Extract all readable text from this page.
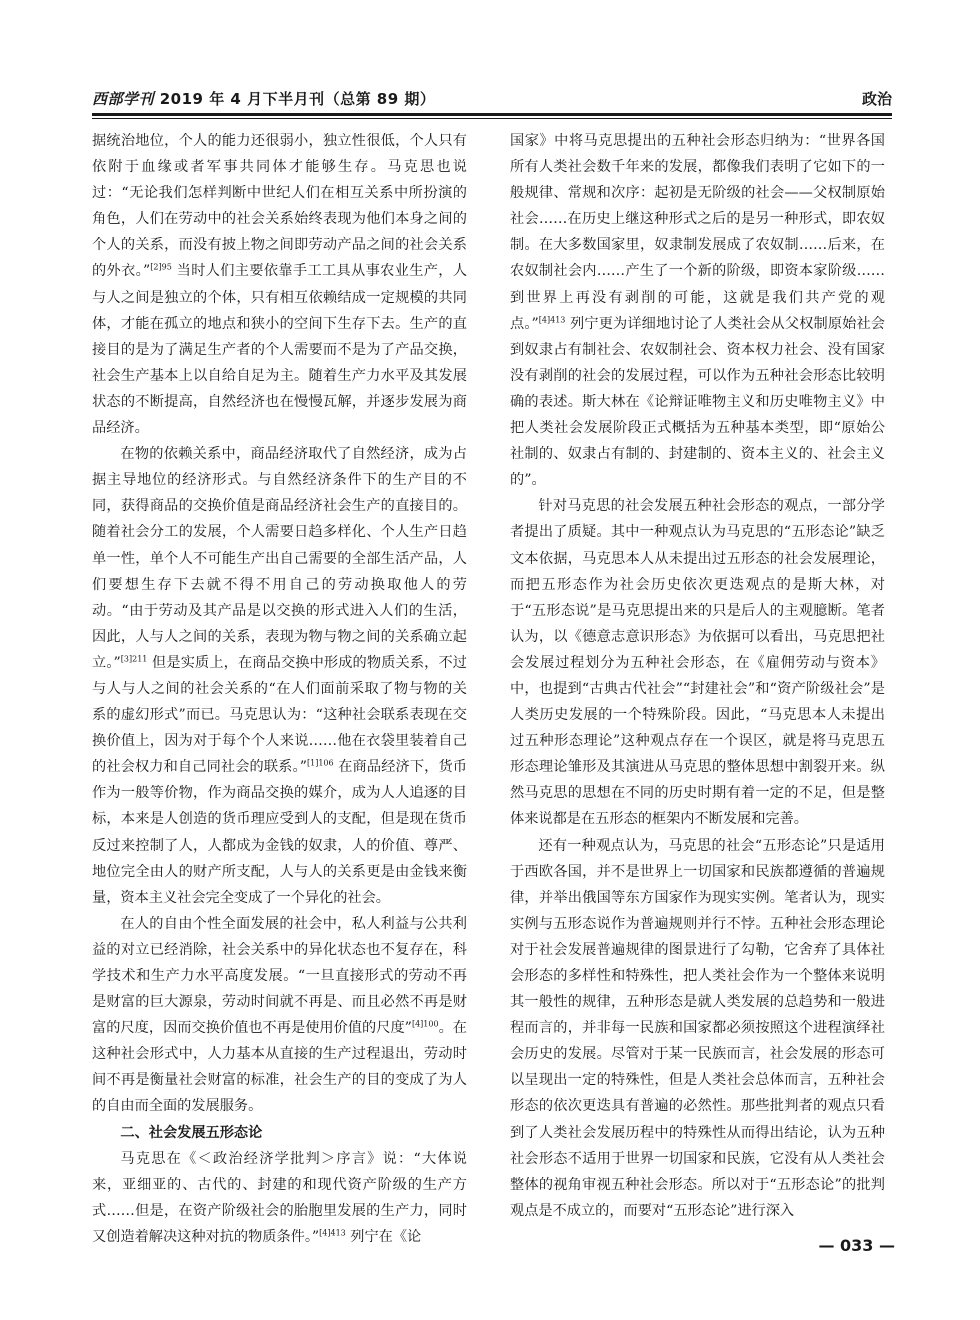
西部学刊 2019 年 4 月下半月刊（总第 89 期）	政治

据统治地位，个人的能力还很弱小，独立性很低，个人只有依附于血缘或者军事共同体才能够生存。马克思也说过：“无论我们怎样判断中世纪人们在相互关系中所扮演的角色，人们在劳动中的社会关系始终表现为他们本身之间的个人的关系，而没有披上物之间即劳动产品之间的社会关系的外衣。”$^{[2]95}$ 当时人们主要依靠手工工具从事农业生产，人与人之间是独立的个体，只有相互依赖结成一定规模的共同体，才能在孤立的地点和狭小的空间下生存下去。生产的直接目的是为了满足生产者的个人需要而不是为了产品交换，社会生产基本上以自给自足为主。随着生产力水平及其发展状态的不断提高，自然经济也在慢慢瓦解，并逐步发展为商品经济。

在物的依赖关系中，商品经济取代了自然经济，成为占据主导地位的经济形式。与自然经济条件下的生产目的不同，获得商品的交换价值是商品经济社会生产的直接目的。随着社会分工的发展，个人需要日趋多样化、个人生产日趋单一性，单个人不可能生产出自己需要的全部生活产品，人们要想生存下去就不得不用自己的劳动换取他人的劳动。“由于劳动及其产品是以交换的形式进入人们的生活，因此，人与人之间的关系，表现为物与物之间的关系确立起立。”$^{[3]211}$ 但是实质上，在商品交换中形成的物质关系，不过与人与人之间的社会关系的“在人们面前采取了物与物的关系的虚幻形式”而已。马克思认为：“这种社会联系表现在交换价值上，因为对于每个个人来说……他在衣袋里装着自己的社会权力和自己同社会的联系。”$^{[1]106}$ 在商品经济下，货币作为一般等价物，作为商品交换的媒介，成为人人追逐的目标，本来是人创造的货币理应受到人的支配，但是现在货币反过来控制了人，人都成为金钱的奴隶，人的价值、尊严、地位完全由人的财产所支配，人与人的关系更是由金钱来衡量，资本主义社会完全变成了一个异化的社会。

在人的自由个性全面发展的社会中，私人利益与公共利益的对立已经消除，社会关系中的异化状态也不复存在，科学技术和生产力水平高度发展。“一旦直接形式的劳动不再是财富的巨大源泉，劳动时间就不再是、而且必然不再是财富的尺度，因而交换价值也不再是使用价值的尺度”$^{[4]100}$。在这种社会形式中，人力基本从直接的生产过程退出，劳动时间不再是衡量社会财富的标准，社会生产的目的变成了为人的自由而全面的发展服务。

二、社会发展五形态论

马克思在《＜政治经济学批判＞序言》说：“大体说来，亚细亚的、古代的、封建的和现代资产阶级的生产方式……但是，在资产阶级社会的胎胞里发展的生产力，同时又创造着解决这种对抗的物质条件。”$^{[4]413}$ 列宁在《论

国家》中将马克思提出的五种社会形态归纳为：“世界各国所有人类社会数千年来的发展，都像我们表明了它如下的一般规律、常规和次序：起初是无阶级的社会——父权制原始社会……在历史上继这种形式之后的是另一种形式，即农奴制。在大多数国家里，奴隶制发展成了农奴制……后来，在农奴制社会内……产生了一个新的阶级，即资本家阶级……到世界上再没有剥削的可能，这就是我们共产党的观点。”$^{[4]413}$ 列宁更为详细地讨论了人类社会从父权制原始社会到奴隶占有制社会、农奴制社会、资本权力社会、没有国家没有剥削的社会的发展过程，可以作为五种社会形态比较明确的表述。斯大林在《论辩证唯物主义和历史唯物主义》中把人类社会发展阶段正式概括为五种基本类型，即“原始公社制的、奴隶占有制的、封建制的、资本主义的、社会主义的”。

针对马克思的社会发展五种社会形态的观点，一部分学者提出了质疑。其中一种观点认为马克思的“五形态论”缺乏文本依据，马克思本人从未提出过五形态的社会发展理论，而把五形态作为社会历史依次更迭观点的是斯大林，对于“五形态说”是马克思提出来的只是后人的主观臆断。笔者认为，以《德意志意识形态》为依据可以看出，马克思把社会发展过程划分为五种社会形态，在《雇佣劳动与资本》中，也提到“古典古代社会”“封建社会”和“资产阶级社会”是人类历史发展的一个特殊阶段。因此，“马克思本人未提出过五种形态理论”这种观点存在一个误区，就是将马克思五形态理论雏形及其演进从马克思的整体思想中割裂开来。纵然马克思的思想在不同的历史时期有着一定的不足，但是整体来说都是在五形态的框架内不断发展和完善。

还有一种观点认为，马克思的社会“五形态论”只是适用于西欧各国，并不是世界上一切国家和民族都遵循的普遍规律，并举出俄国等东方国家作为现实实例。笔者认为，现实实例与五形态说作为普遍规则并行不悖。五种社会形态理论对于社会发展普遍规律的图景进行了勾勒，它舍弃了具体社会形态的多样性和特殊性，把人类社会作为一个整体来说明其一般性的规律，五种形态是就人类发展的总趋势和一般进程而言的，并非每一民族和国家都必须按照这个进程演绎社会历史的发展。尽管对于某一民族而言，社会发展的形态可以呈现出一定的特殊性，但是人类社会总体而言，五种社会形态的依次更迭具有普遍的必然性。那些批判者的观点只看到了人类社会发展历程中的特殊性从而得出结论，认为五种社会形态不适用于世界一切国家和民族，它没有从人类社会整体的视角审视五种社会形态。所以对于“五形态论”的批判观点是不成立的，而要对“五形态论”进行深入

— 033 —
